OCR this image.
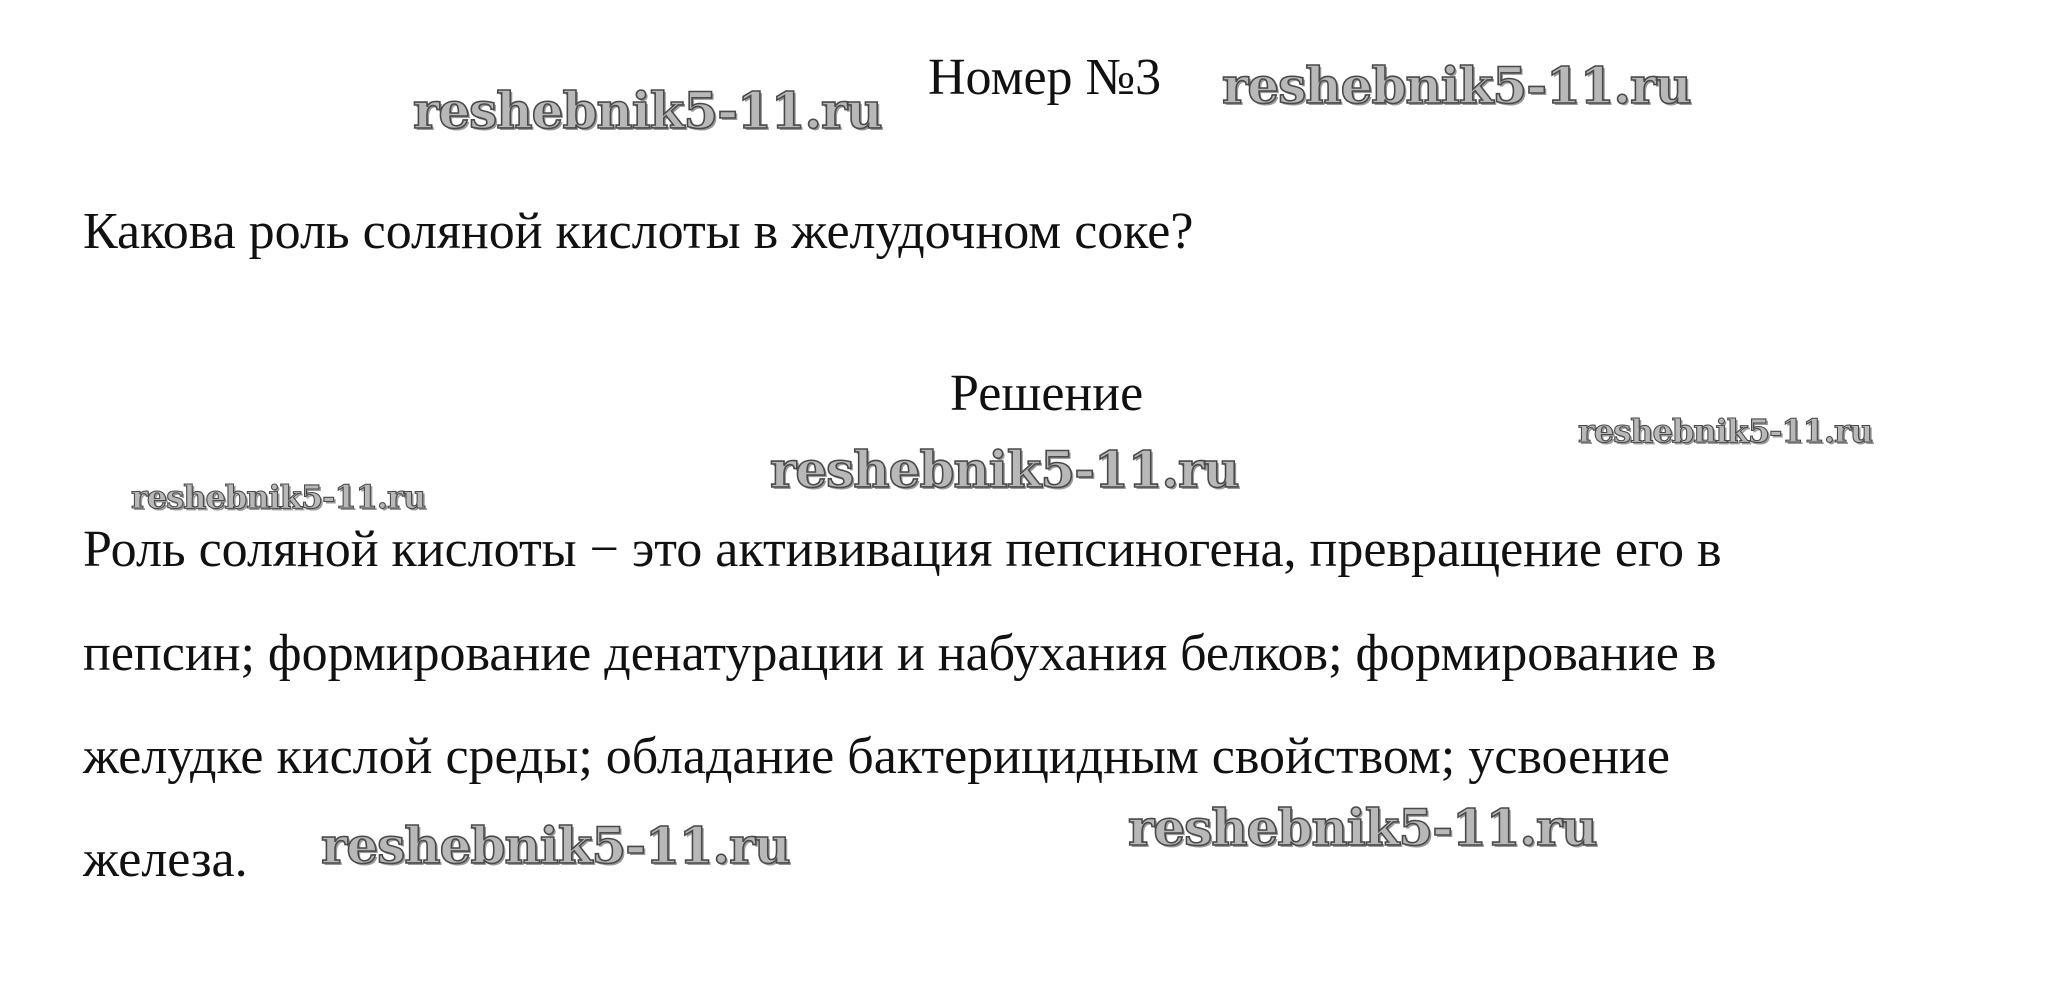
Номер №3
Какова роль соляной кислоты в желудочном соке?
Решение
Роль соляной кислоты − это актививация пепсиногена, превращение его в
пепсин; формирование денатурации и набухания белков; формирование в
желудке кислой среды; обладание бактерицидным свойством; усвоение
железа.
reshebnik5-11.ru	reshebnik5-11.ru
reshebnik5-11.ru
reshebnik5-11.ru
reshebnik5-11.ru
reshebnik5-11.ru	reshebnik5-11.ru
